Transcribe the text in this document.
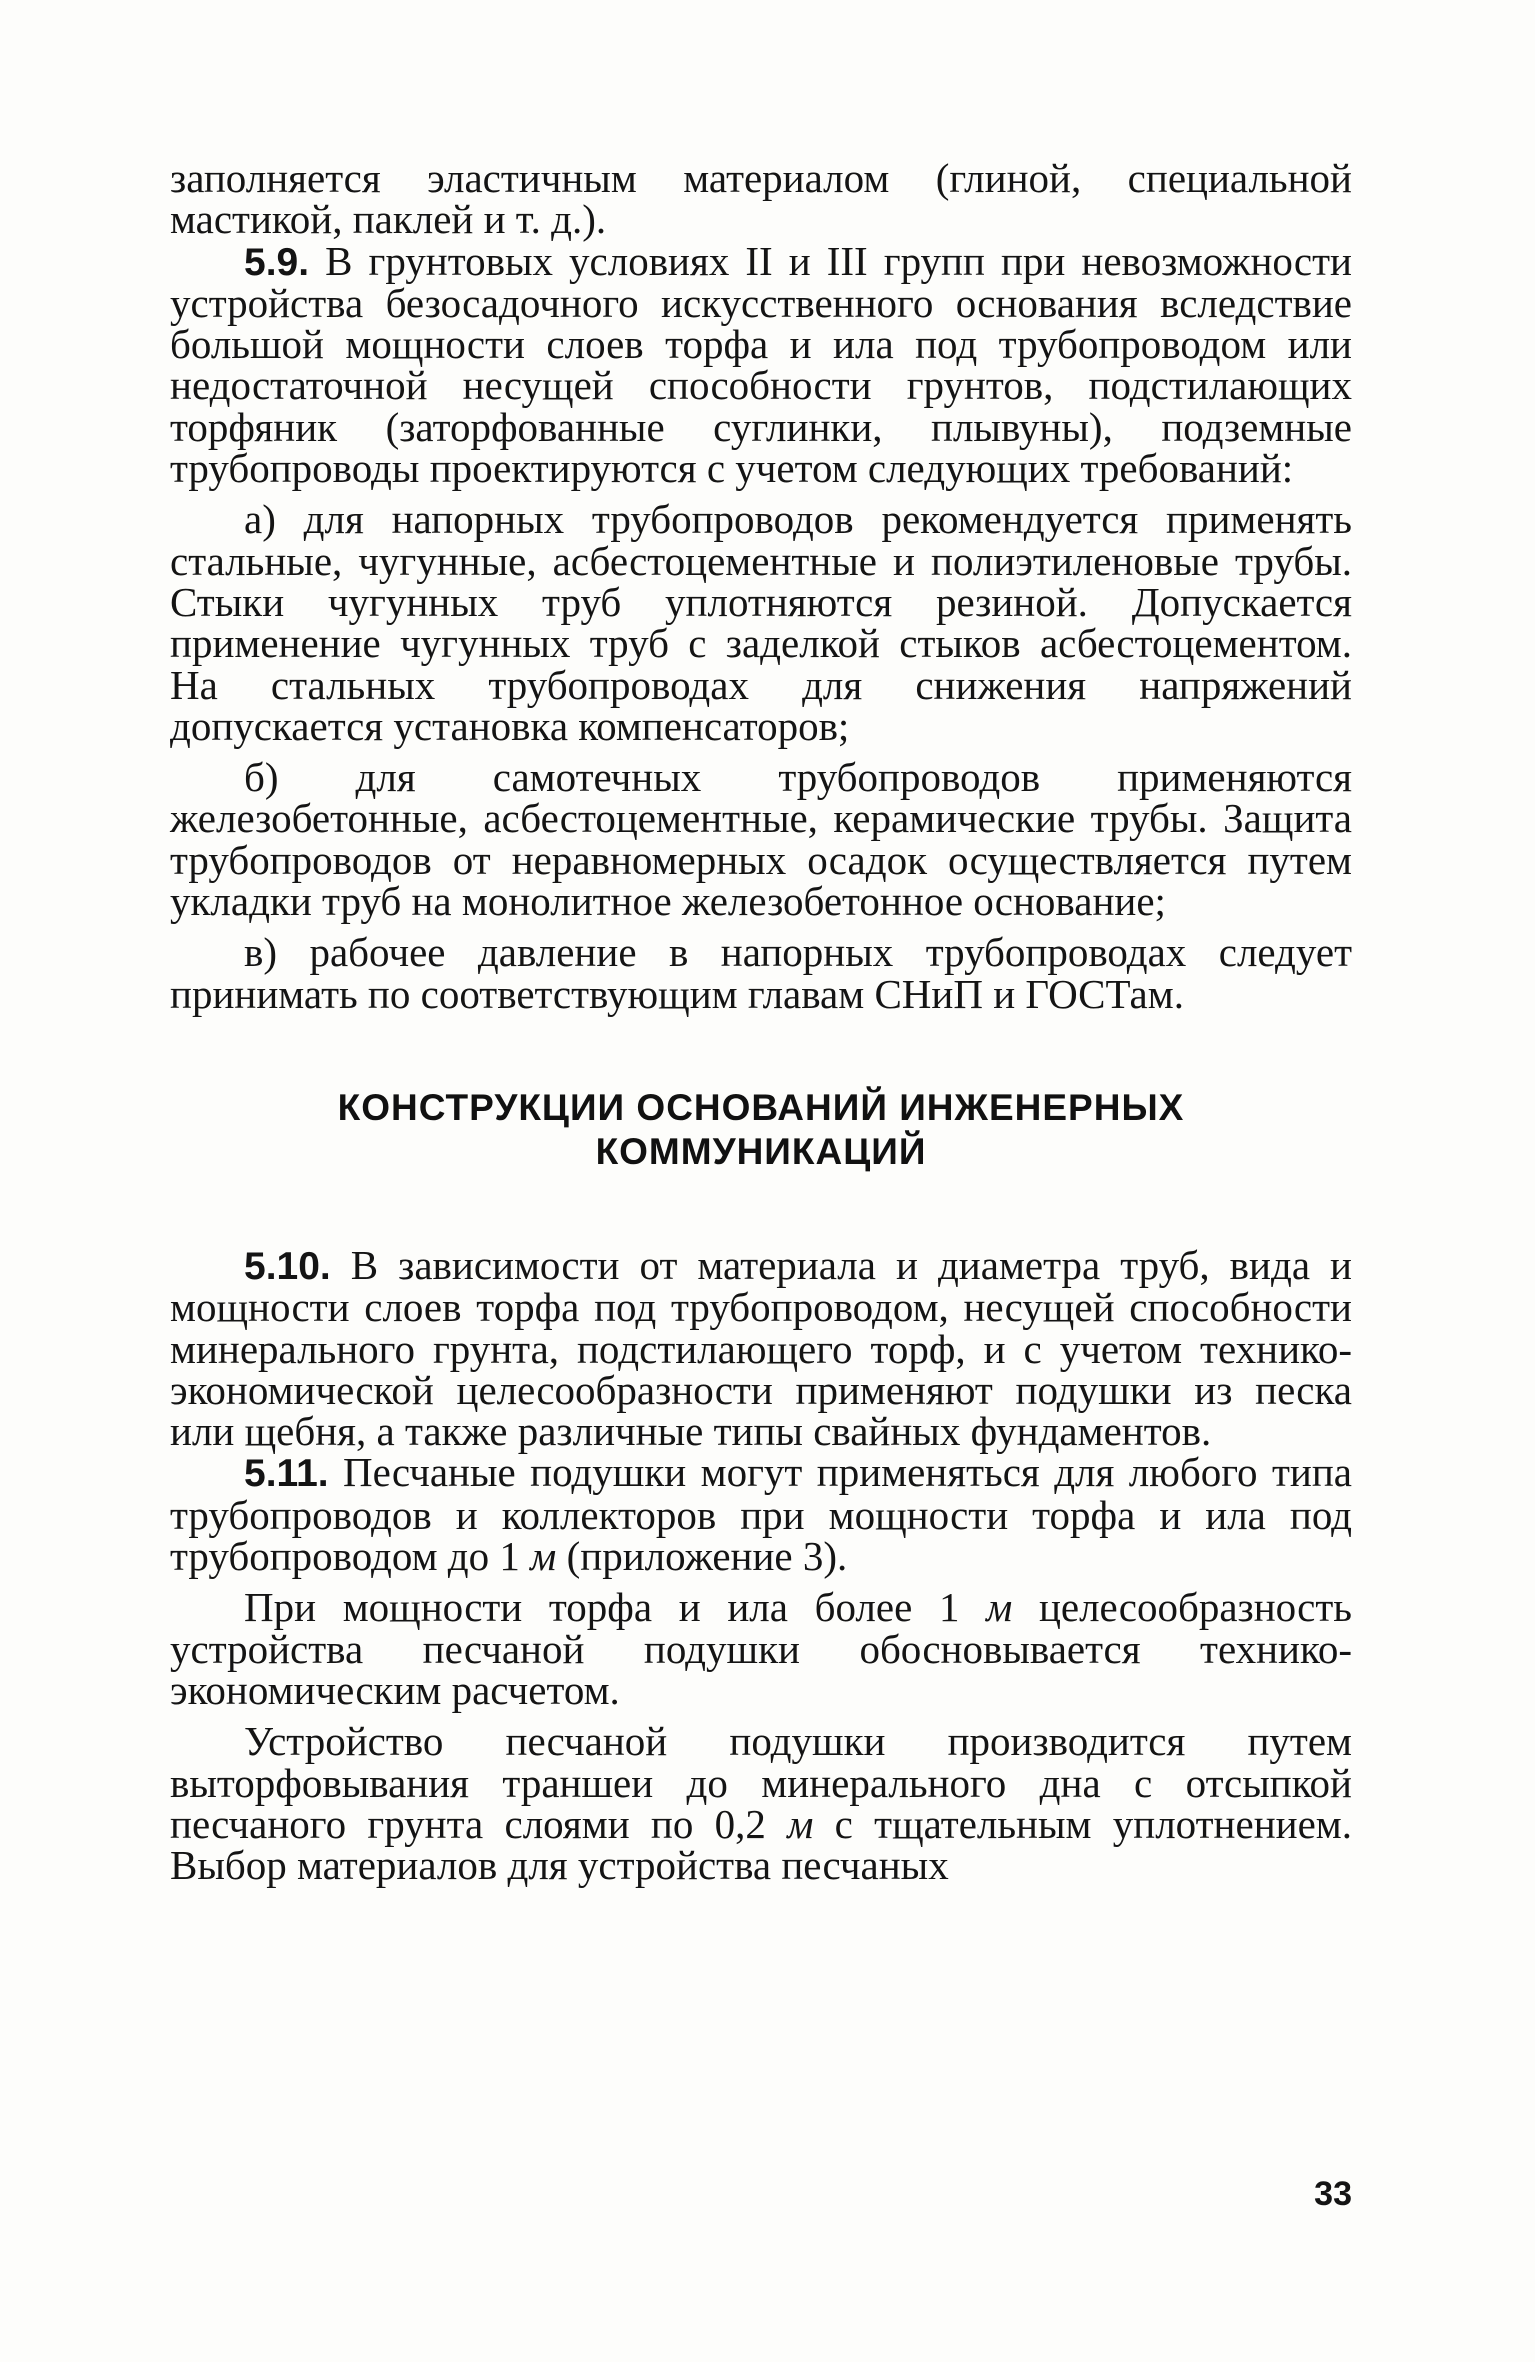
заполняется эластичным материалом (глиной, специальной мастикой, паклей и т. д.).

5.9. В грунтовых условиях II и III групп при невозможности устройства безосадочного искусственного основания вследствие большой мощности слоев торфа и ила под трубопроводом или недостаточной несущей способности грунтов, подстилающих торфяник (заторфованные суглинки, плывуны), подземные трубопроводы проектируются с учетом следующих требований:

а) для напорных трубопроводов рекомендуется применять стальные, чугунные, асбестоцементные и полиэтиленовые трубы. Стыки чугунных труб уплотняются резиной. Допускается применение чугунных труб с заделкой стыков асбестоцементом. На стальных трубопроводах для снижения напряжений допускается установка компенсаторов;

б) для самотечных трубопроводов применяются железобетонные, асбестоцементные, керамические трубы. Защита трубопроводов от неравномерных осадок осуществляется путем укладки труб на монолитное железобетонное основание;

в) рабочее давление в напорных трубопроводах следует принимать по соответствующим главам СНиП и ГОСТам.

КОНСТРУКЦИИ ОСНОВАНИЙ ИНЖЕНЕРНЫХ
КОММУНИКАЦИЙ

5.10. В зависимости от материала и диаметра труб, вида и мощности слоев торфа под трубопроводом, несущей способности минерального грунта, подстилающего торф, и с учетом технико-экономической целесообразности применяют подушки из песка или щебня, а также различные типы свайных фундаментов.

5.11. Песчаные подушки могут применяться для любого типа трубопроводов и коллекторов при мощности торфа и ила под трубопроводом до 1 м (приложение 3).

При мощности торфа и ила более 1 м целесообразность устройства песчаной подушки обосновывается технико-экономическим расчетом.

Устройство песчаной подушки производится путем выторфовывания траншеи до минерального дна с отсыпкой песчаного грунта слоями по 0,2 м с тщательным уплотнением. Выбор материалов для устройства песчаных

33
